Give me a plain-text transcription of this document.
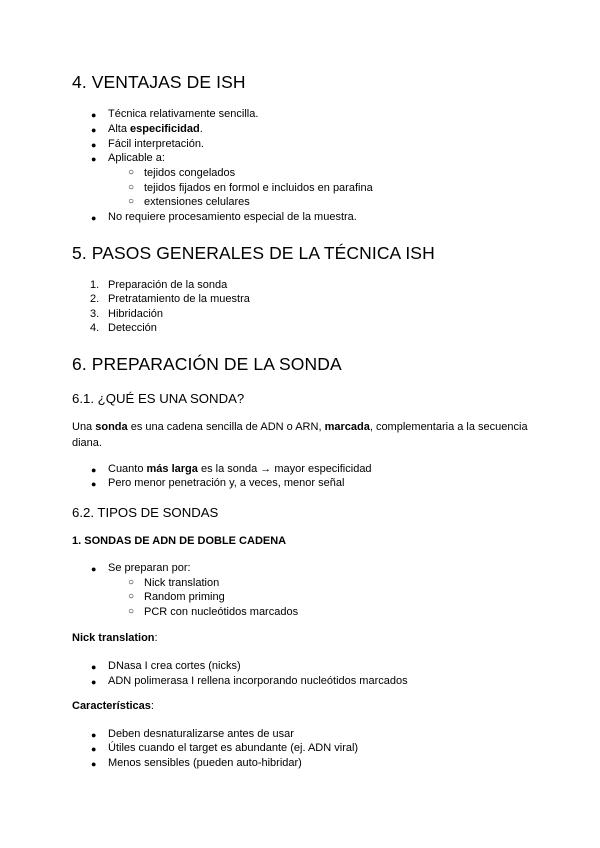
4. VENTAJAS DE ISH

● Técnica relativamente sencilla.

● Alta especificidad.

● Fácil interpretación.

● Aplicable a:

○ tejidos congelados

○ tejidos fijados en formol e incluidos en parafina

○ extensiones celulares

● No requiere procesamiento especial de la muestra.

5. PASOS GENERALES DE LA TÉCNICA ISH

1. Preparación de la sonda

2. Pretratamiento de la muestra

3. Hibridación

4. Detección

6. PREPARACIÓN DE LA SONDA
6.1. ¿QUÉ ES UNA SONDA?

Una sonda es una cadena sencilla de ADN o ARN, marcada, complementaria a la secuencia diana.

● Cuanto más larga es la sonda → mayor especificidad

● Pero menor penetración y, a veces, menor señal

6.2. TIPOS DE SONDAS
1. SONDAS DE ADN DE DOBLE CADENA

● Se preparan por:

○ Nick translation

○ Random priming

○ PCR con nucleótidos marcados

Nick translation:

● DNasa I crea cortes (nicks)

● ADN polimerasa I rellena incorporando nucleótidos marcados

Características:

● Deben desnaturalizarse antes de usar

● Útiles cuando el target es abundante (ej. ADN viral)

● Menos sensibles (pueden auto-hibridar)
